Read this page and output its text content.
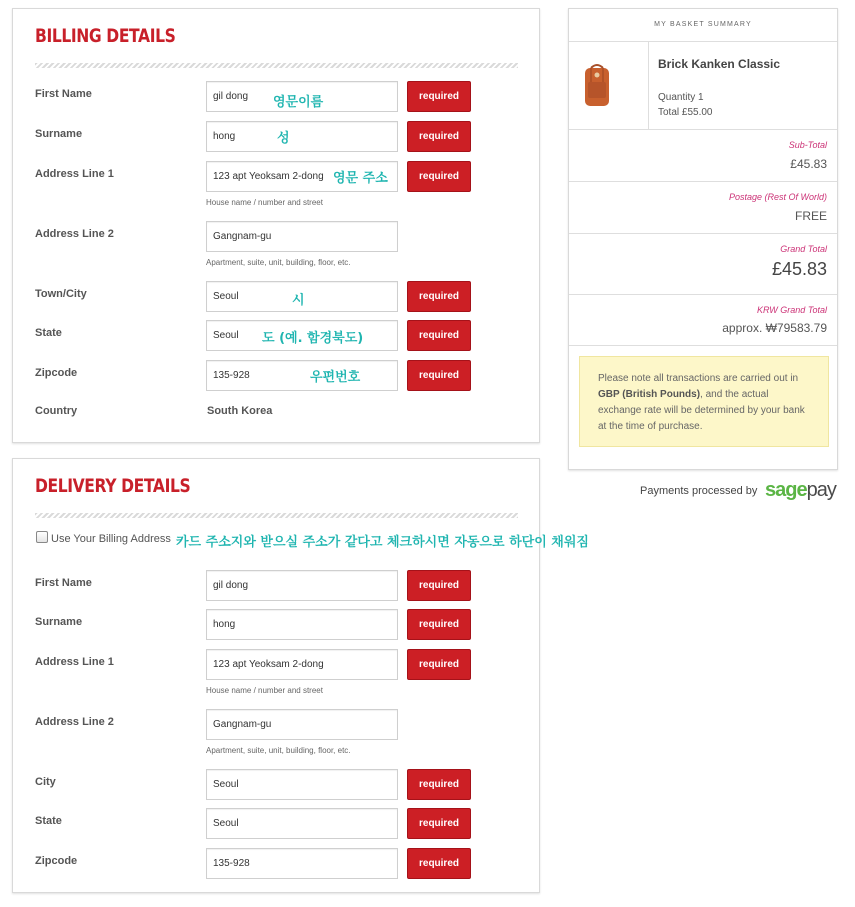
BILLING DETAILS
First Name	gil dong	required
Surname	hong	required
Address Line 1	123 apt Yeoksam 2-dong	required
House name / number and street
Address Line 2	Gangnam-gu
Apartment, suite, unit, building, floor, etc.
Town/City	Seoul	required
State	Seoul	required
Zipcode	135-928	required
Country	South Korea
영문이름
성
영문 주소
시
도 (예. 함경북도)
우편번호
DELIVERY DETAILS
Use Your Billing Address
First Name	gil dong	required
Surname	hong	required
Address Line 1	123 apt Yeoksam 2-dong	required
House name / number and street
Address Line 2	Gangnam-gu
Apartment, suite, unit, building, floor, etc.
City	Seoul	required
State	Seoul	required
Zipcode	135-928	required
카드 주소지와 받으실 주소가 같다고 체크하시면 자동으로 하단이 채워짐
MY BASKET SUMMARY
Brick Kanken Classic
Quantity 1
Total £55.00
Sub-Total
£45.83
Postage (Rest Of World)
FREE
Grand Total
£45.83
KRW Grand Total
approx. ₩79583.79
Please note all transactions are carried out in GBP (British Pounds), and the actual exchange rate will be determined by your bank at the time of purchase.
Payments processed by sagepay
